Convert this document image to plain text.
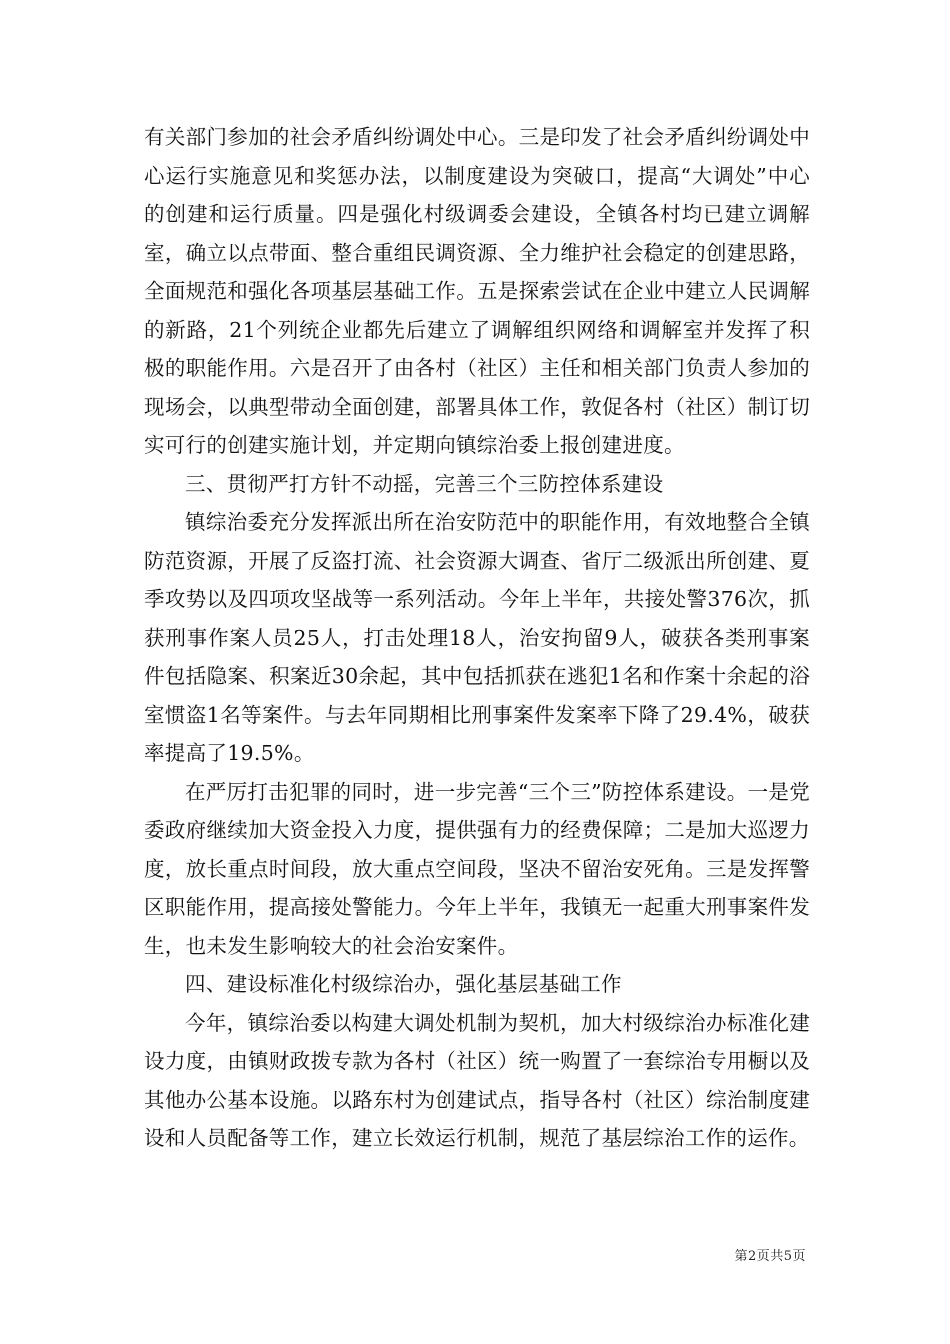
有关部门参加的社会矛盾纠纷调处中心。三是印发了社会矛盾纠纷调处中心运行实施意见和奖惩办法，以制度建设为突破口，提高“大调处”中心的创建和运行质量。四是强化村级调委会建设，全镇各村均已建立调解室，确立以点带面、整合重组民调资源、全力维护社会稳定的创建思路，全面规范和强化各项基层基础工作。五是探索尝试在企业中建立人民调解的新路，21个列统企业都先后建立了调解组织网络和调解室并发挥了积极的职能作用。六是召开了由各村（社区）主任和相关部门负责人参加的现场会，以典型带动全面创建，部署具体工作，敦促各村（社区）制订切实可行的创建实施计划，并定期向镇综治委上报创建进度。

三、贯彻严打方针不动摇，完善三个三防控体系建设

镇综治委充分发挥派出所在治安防范中的职能作用，有效地整合全镇防范资源，开展了反盗打流、社会资源大调查、省厅二级派出所创建、夏季攻势以及四项攻坚战等一系列活动。今年上半年，共接处警376次，抓获刑事作案人员25人，打击处理18人，治安拘留9人，破获各类刑事案件包括隐案、积案近30余起，其中包括抓获在逃犯1名和作案十余起的浴室惯盗1名等案件。与去年同期相比刑事案件发案率下降了29.4%，破获率提高了19.5%。

在严厉打击犯罪的同时，进一步完善“三个三”防控体系建设。一是党委政府继续加大资金投入力度，提供强有力的经费保障；二是加大巡逻力度，放长重点时间段，放大重点空间段，坚决不留治安死角。三是发挥警区职能作用，提高接处警能力。今年上半年，我镇无一起重大刑事案件发生，也未发生影响较大的社会治安案件。

四、建设标准化村级综治办，强化基层基础工作

今年，镇综治委以构建大调处机制为契机，加大村级综治办标准化建设力度，由镇财政拨专款为各村（社区）统一购置了一套综治专用橱以及其他办公基本设施。以路东村为创建试点，指导各村（社区）综治制度建设和人员配备等工作，建立长效运行机制，规范了基层综治工作的运作。

第2页共5页
